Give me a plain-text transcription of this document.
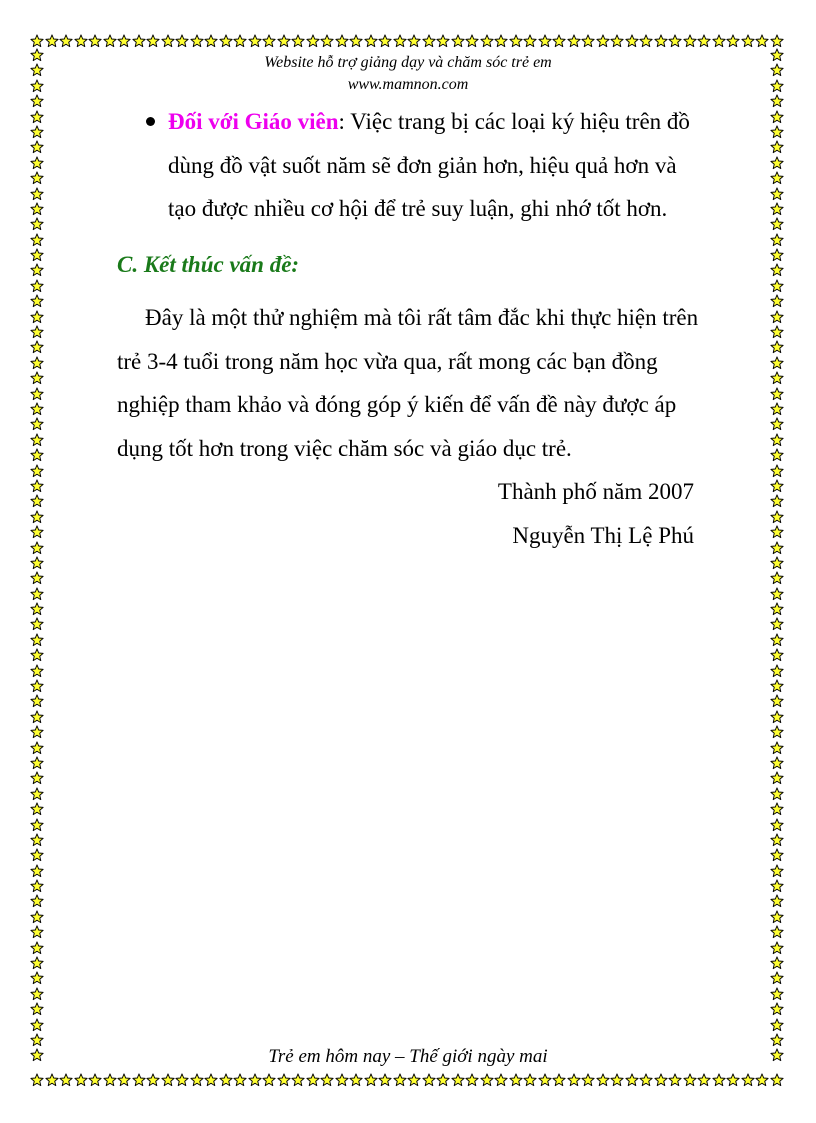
Website hỗ trợ giảng dạy và chăm sóc trẻ em
www.mamnon.com
Đối với Giáo viên: Việc trang bị các loại ký hiệu trên đồ dùng đồ vật suốt năm sẽ đơn giản hơn, hiệu quả hơn và tạo được nhiều cơ hội để trẻ suy luận, ghi nhớ tốt hơn.
C. Kết thúc vấn đề:
Đây là một thử nghiệm mà tôi rất tâm đắc khi thực hiện trên trẻ 3-4 tuổi trong năm học vừa qua, rất mong các bạn đồng nghiệp tham khảo và đóng góp ý kiến để vấn đề này được áp dụng tốt hơn trong việc chăm sóc và giáo dục trẻ.
Thành phố năm 2007
Nguyễn Thị Lệ Phú
Trẻ em hôm nay – Thế giới ngày mai
